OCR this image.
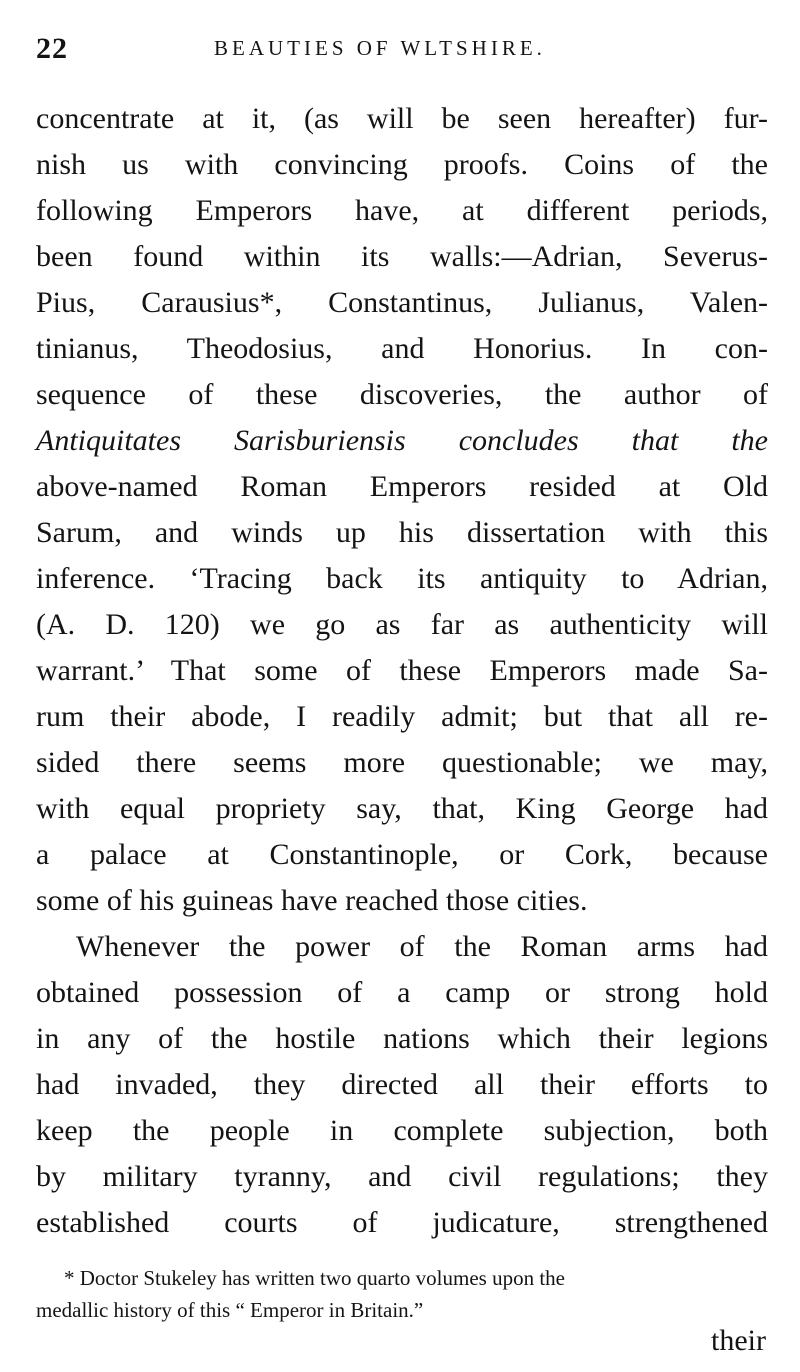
22	BEAUTIES OF WLTSHIRE.
concentrate at it, (as will be seen hereafter) fur-
nish us with convincing proofs. Coins of the
following Emperors have, at different periods,
been found within its walls:—Adrian, Severus-
Pius, Carausius*, Constantinus, Julianus, Valen-
tinianus, Theodosius, and Honorius. In con-
sequence of these discoveries, the author of
Antiquitates Sarisburiensis concludes that the
above-named Roman Emperors resided at Old
Sarum, and winds up his dissertation with this
inference. ‘Tracing back its antiquity to Adrian,
(A. D. 120) we go as far as authenticity will
warrant.’ That some of these Emperors made Sa-
rum their abode, I readily admit; but that all re-
sided there seems more questionable; we may,
with equal propriety say, that, King George had
a palace at Constantinople, or Cork, because
some of his guineas have reached those cities.
Whenever the power of the Roman arms had
obtained possession of a camp or strong hold
in any of the hostile nations which their legions
had invaded, they directed all their efforts to
keep the people in complete subjection, both
by military tyranny, and civil regulations; they
established courts of judicature, strengthened
* Doctor Stukeley has written two quarto volumes upon the
medallic history of this “ Emperor in Britain.”
their
